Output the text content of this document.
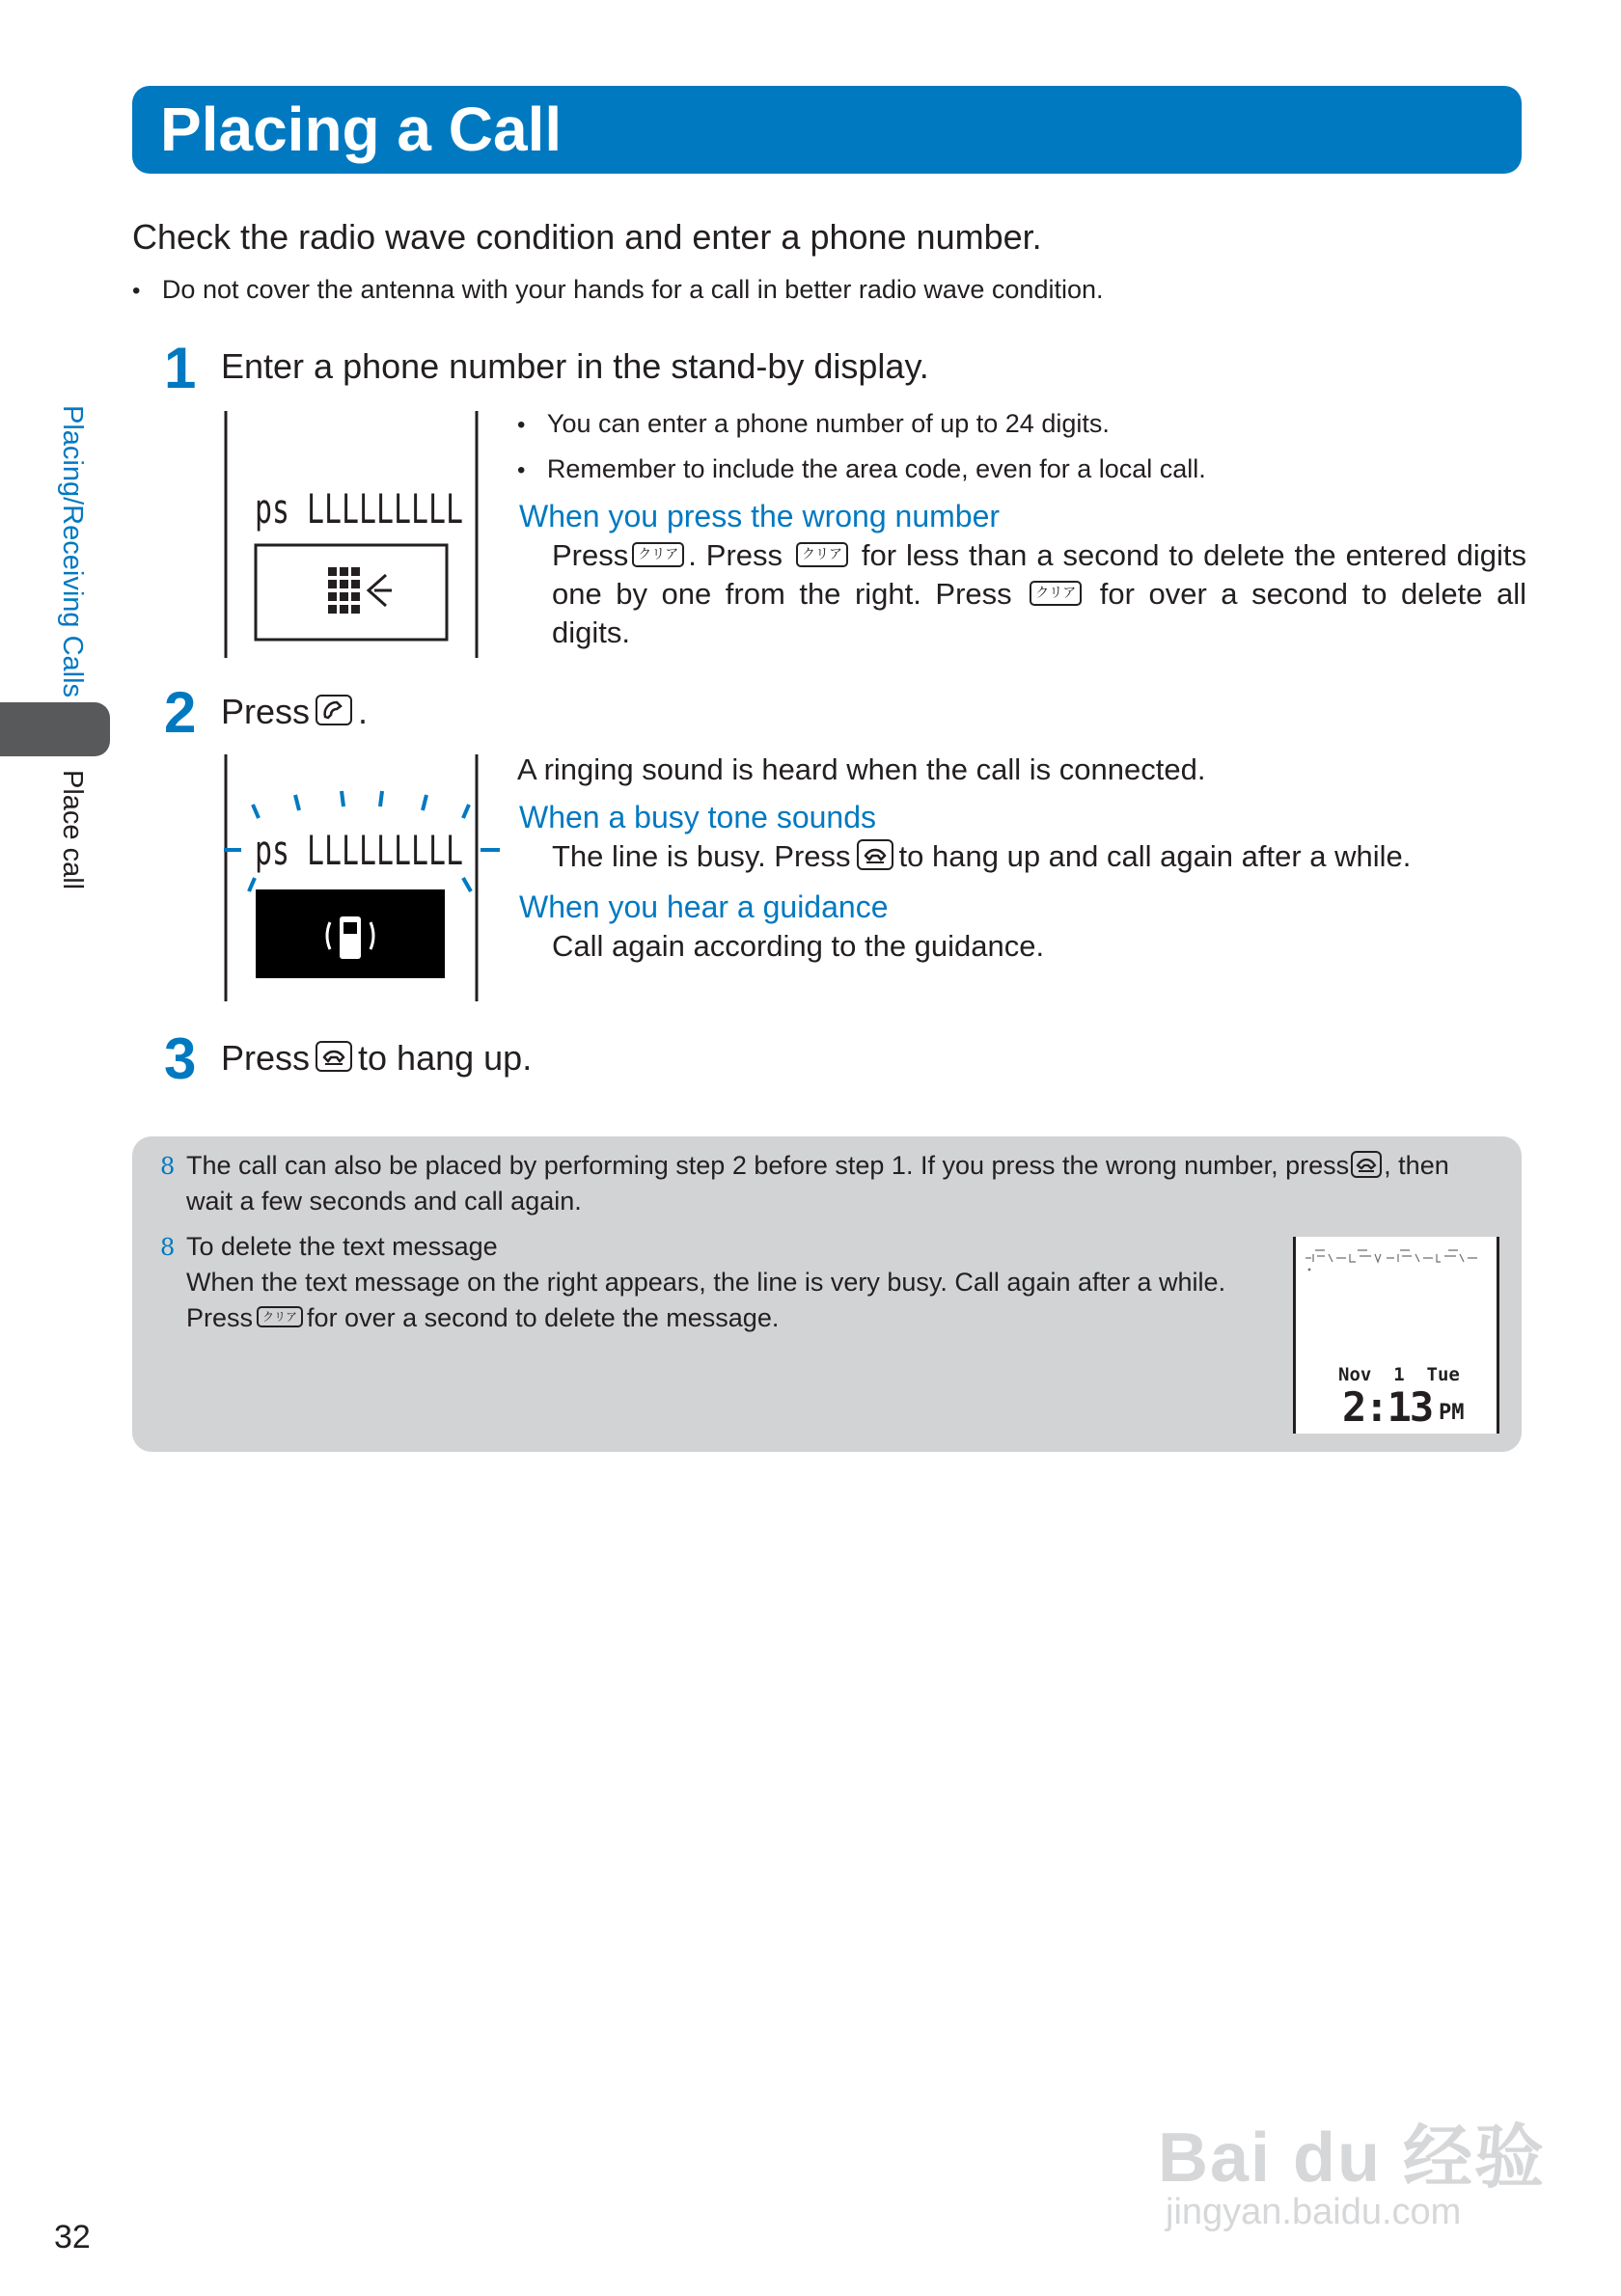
Placing a Call
Check the radio wave condition and enter a phone number.
• Do not cover the antenna with your hands for a call in better radio wave condition.
Placing/Receiving Calls
Place call
1 Enter a phone number in the stand-by display.
ps LLLLLLLLL
• You can enter a phone number of up to 24 digits.
• Remember to include the area code, even for a local call.
When you press the wrong number
Press クリア . Press クリア for less than a second to delete the entered digits one by one from the right. Press クリア for over a second to delete all digits.
2 Press .
ps LLLLLLLLL
A ringing sound is heard when the call is connected.
When a busy tone sounds
The line is busy. Press to hang up and call again after a while.
When you hear a guidance
Call again according to the guidance.
3 Press to hang up.
8 The call can also be placed by performing step 2 before step 1. If you press the wrong number, press , then
wait a few seconds and call again.
8 To delete the text message
When the text message on the right appears, the line is very busy. Call again after a while.
Press クリア for over a second to delete the message.
Nov  1  Tue
2:13 PM
32
Bai du 经验
jingyan.baidu.com
